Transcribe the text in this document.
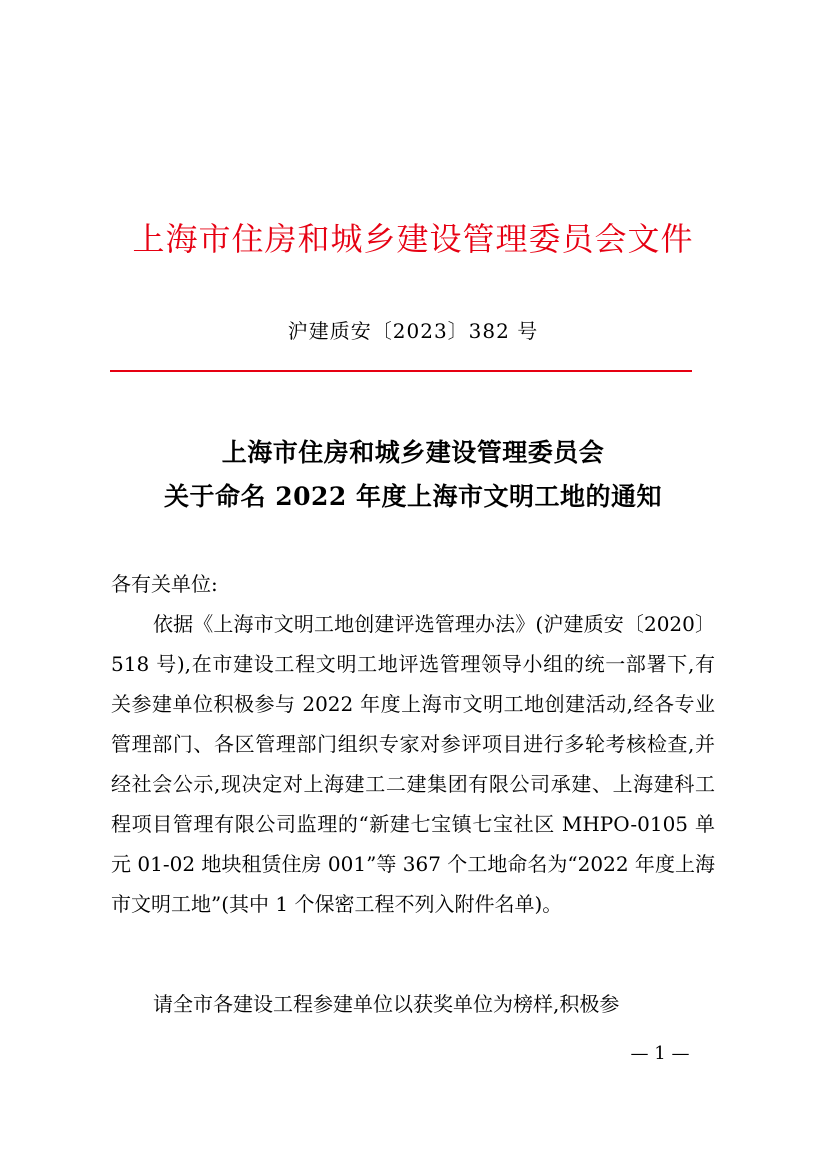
上海市住房和城乡建设管理委员会文件
沪建质安〔2023〕382 号
上海市住房和城乡建设管理委员会
关于命名 2022 年度上海市文明工地的通知
各有关单位:
依据《上海市文明工地创建评选管理办法》(沪建质安〔2020〕518 号),在市建设工程文明工地评选管理领导小组的统一部署下,有关参建单位积极参与 2022 年度上海市文明工地创建活动,经各专业管理部门、各区管理部门组织专家对参评项目进行多轮考核检查,并经社会公示,现决定对上海建工二建集团有限公司承建、上海建科工程项目管理有限公司监理的“新建七宝镇七宝社区 MHPO-0105 单元 01-02 地块租赁住房 001”等 367 个工地命名为“2022 年度上海市文明工地”(其中 1 个保密工程不列入附件名单)。
请全市各建设工程参建单位以获奖单位为榜样,积极参
— 1 —
